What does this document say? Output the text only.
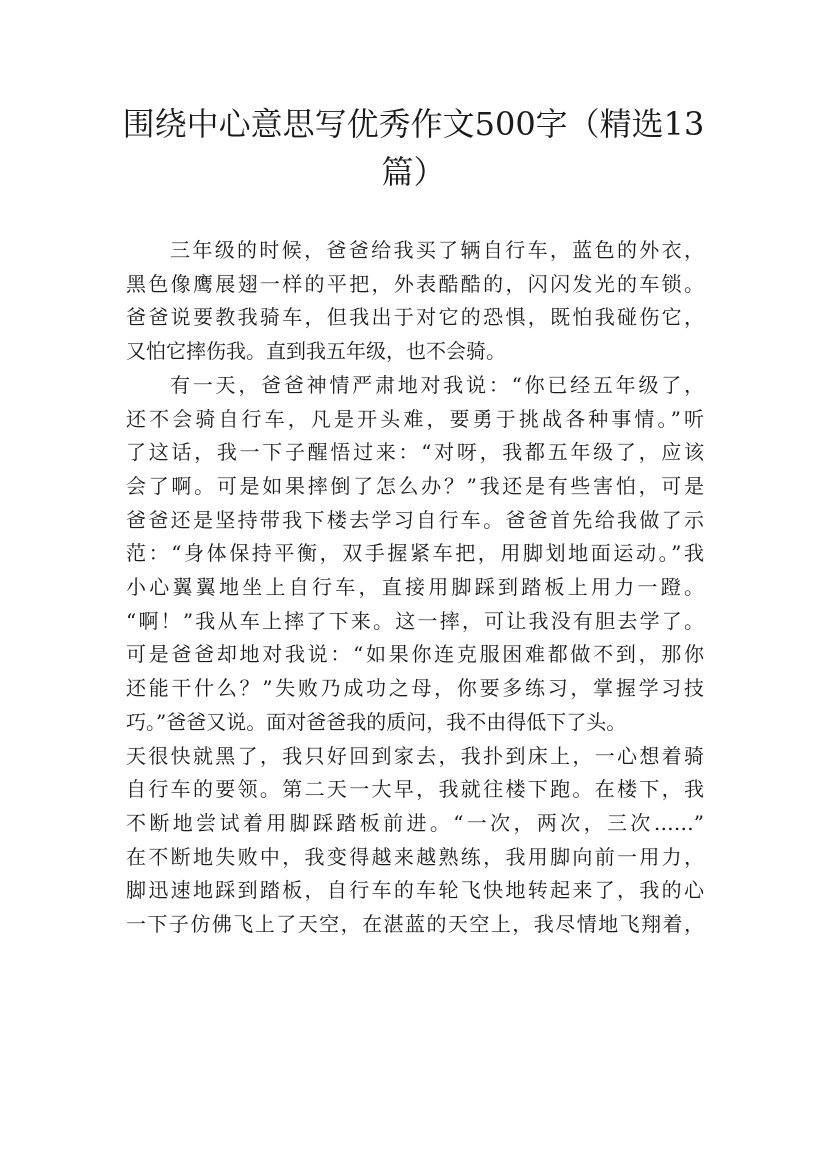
围绕中心意思写优秀作文500字（精选13
篇）
三年级的时候，爸爸给我买了辆自行车，蓝色的外衣，
黑色像鹰展翅一样的平把，外表酷酷的，闪闪发光的车锁。
爸爸说要教我骑车，但我出于对它的恐惧，既怕我碰伤它，
又怕它摔伤我。直到我五年级，也不会骑。
有一天，爸爸神情严肃地对我说：“你已经五年级了，
还不会骑自行车，凡是开头难，要勇于挑战各种事情。”听
了这话，我一下子醒悟过来：“对呀，我都五年级了，应该
会了啊。可是如果摔倒了怎么办？”我还是有些害怕，可是
爸爸还是坚持带我下楼去学习自行车。爸爸首先给我做了示
范：“身体保持平衡，双手握紧车把，用脚划地面运动。”我
小心翼翼地坐上自行车，直接用脚踩到踏板上用力一蹬。
“啊！”我从车上摔了下来。这一摔，可让我没有胆去学了。
可是爸爸却地对我说：“如果你连克服困难都做不到，那你
还能干什么？”失败乃成功之母，你要多练习，掌握学习技
巧。”爸爸又说。面对爸爸我的质问，我不由得低下了头。
天很快就黑了，我只好回到家去，我扑到床上，一心想着骑
自行车的要领。第二天一大早，我就往楼下跑。在楼下，我
不断地尝试着用脚踩踏板前进。“一次，两次，三次……”
在不断地失败中，我变得越来越熟练，我用脚向前一用力，
脚迅速地踩到踏板，自行车的车轮飞快地转起来了，我的心
一下子仿佛飞上了天空，在湛蓝的天空上，我尽情地飞翔着，
